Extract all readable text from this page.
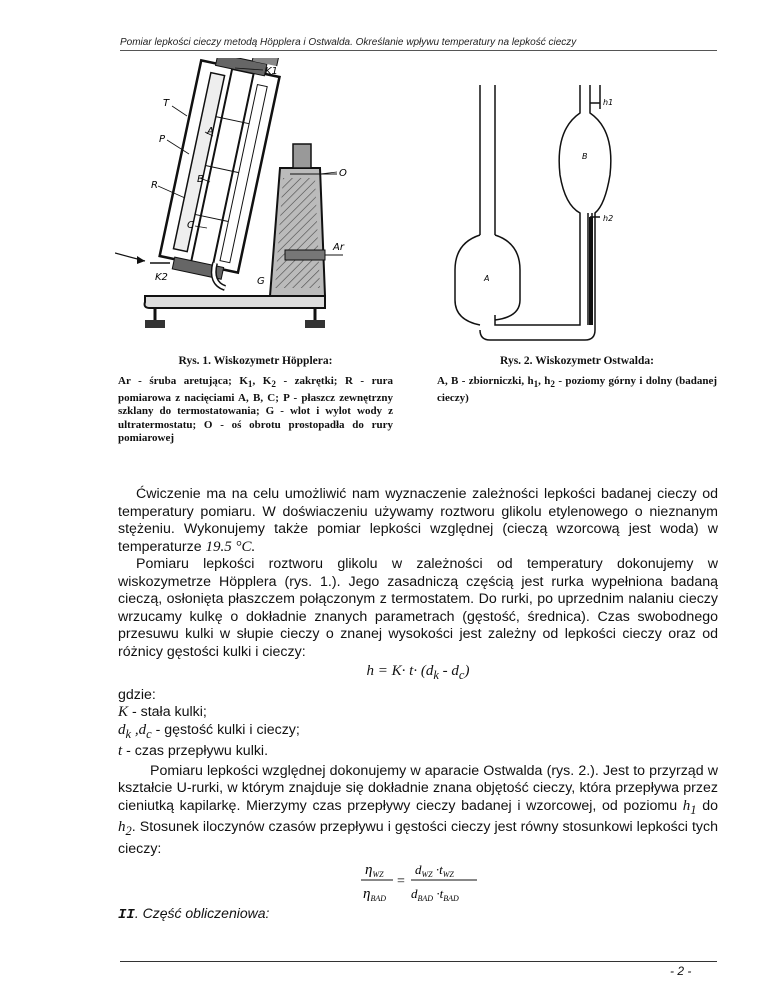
Pomiar lepkości cieczy metodą Höpplera i Ostwalda. Określanie wpływu temperatury na lepkość cieczy
K1
T
A
P
B
R
C
O
Ar
K2	G
h1
h2
B
A
Rys. 1. Wiskozymetr Höpplera:
Ar - śruba aretująca; $K_1$, $K_2$ - zakrętki; R - rura pomiarowa z nacięciami A, B, C; P - płaszcz zewnętrzny szklany do termostatowania; G - wlot i wylot wody z ultratermostatu; O - oś obrotu prostopadła do rury pomiarowej
Rys. 2. Wiskozymetr Ostwalda:
A, B - zbiorniczki, $h_1$, $h_2$ - poziomy górny i dolny (badanej cieczy)

Ćwiczenie ma na celu umożliwić nam wyznaczenie zależności lepkości badanej cieczy od temperatury pomiaru. W doświaczeniu używamy roztworu glikolu etylenowego o nieznanym stężeniu. Wykonujemy także pomiar lepkości względnej (cieczą wzorcową jest woda) w temperaturze 19.5 °C.

Pomiaru lepkości roztworu glikolu w zależności od temperatury dokonujemy w wiskozymetrze Höpplera (rys. 1.). Jego zasadniczą częścią jest rurka wypełniona badaną cieczą, osłonięta płaszczem połączonym z termostatem. Do rurki, po uprzednim nalaniu cieczy wrzucamy kulkę o dokładnie znanych parametrach (gęstość, średnica). Czas swobodnego przesuwu kulki w słupie cieczy o znanej wysokości jest zależny od lepkości cieczy oraz od różnicy gęstości kulki i cieczy:

$h = K\cdot t\cdot (d_k - d_c)$

gdzie:

K - stała kulki;

$d_k$ $,d_c$ - gęstość kulki i cieczy;

t - czas przepływu kulki.

Pomiaru lepkości względnej dokonujemy w aparacie Ostwalda (rys. 2.). Jest to przyrząd w kształcie U-rurki, w którym znajduje się dokładnie znana objętość cieczy, która przepływa przez cieniutką kapilarkę. Mierzymy czas przepływy cieczy badanej i wzorcowej, od poziomu $h_1$ do $h_2$. Stosunek iloczynów czasów przepływu i gęstości cieczy jest równy stosunkowi lepkości tych cieczy:

$\eta_{WZ}$
$\eta_{BAD}$
=
$d_{WZ} \cdot t_{WZ}$
$d_{BAD} \cdot t_{BAD}$
II. Część obliczeniowa:
- 2 -
